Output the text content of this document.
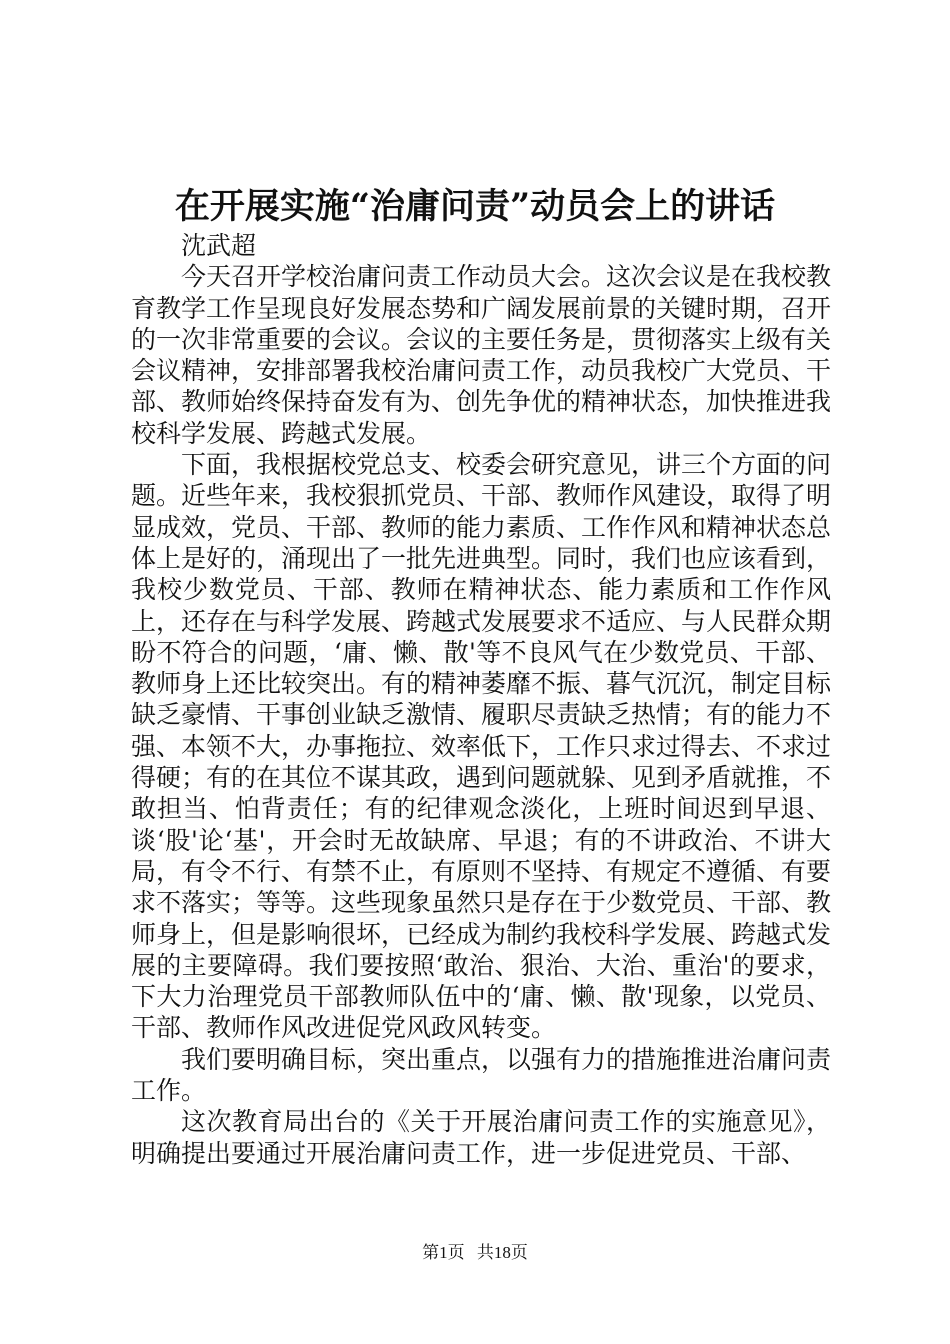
在开展实施“治庸问责”动员会上的讲话

沈武超

今天召开学校治庸问责工作动员大会。这次会议是在我校教育教学工作呈现良好发展态势和广阔发展前景的关键时期，召开的一次非常重要的会议。会议的主要任务是，贯彻落实上级有关会议精神，安排部署我校治庸问责工作，动员我校广大党员、干部、教师始终保持奋发有为、创先争优的精神状态，加快推进我校科学发展、跨越式发展。

下面，我根据校党总支、校委会研究意见，讲三个方面的问题。近些年来，我校狠抓党员、干部、教师作风建设，取得了明显成效，党员、干部、教师的能力素质、工作作风和精神状态总体上是好的，涌现出了一批先进典型。同时，我们也应该看到，我校少数党员、干部、教师在精神状态、能力素质和工作作风上，还存在与科学发展、跨越式发展要求不适应、与人民群众期盼不符合的问题，‘庸、懒、散'等不良风气在少数党员、干部、教师身上还比较突出。有的精神萎靡不振、暮气沉沉，制定目标缺乏豪情、干事创业缺乏激情、履职尽责缺乏热情；有的能力不强、本领不大，办事拖拉、效率低下，工作只求过得去、不求过得硬；有的在其位不谋其政，遇到问题就躲、见到矛盾就推，不敢担当、怕背责任；有的纪律观念淡化，上班时间迟到早退、谈‘股'论‘基'，开会时无故缺席、早退；有的不讲政治、不讲大局，有令不行、有禁不止，有原则不坚持、有规定不遵循、有要求不落实；等等。这些现象虽然只是存在于少数党员、干部、教师身上，但是影响很坏，已经成为制约我校科学发展、跨越式发展的主要障碍。我们要按照‘敢治、狠治、大治、重治'的要求，下大力治理党员干部教师队伍中的‘庸、懒、散'现象，以党员、干部、教师作风改进促党风政风转变。

我们要明确目标，突出重点，以强有力的措施推进治庸问责工作。

这次教育局出台的《关于开展治庸问责工作的实施意见》，明确提出要通过开展治庸问责工作，进一步促进党员、干部、

第1页 共18页
